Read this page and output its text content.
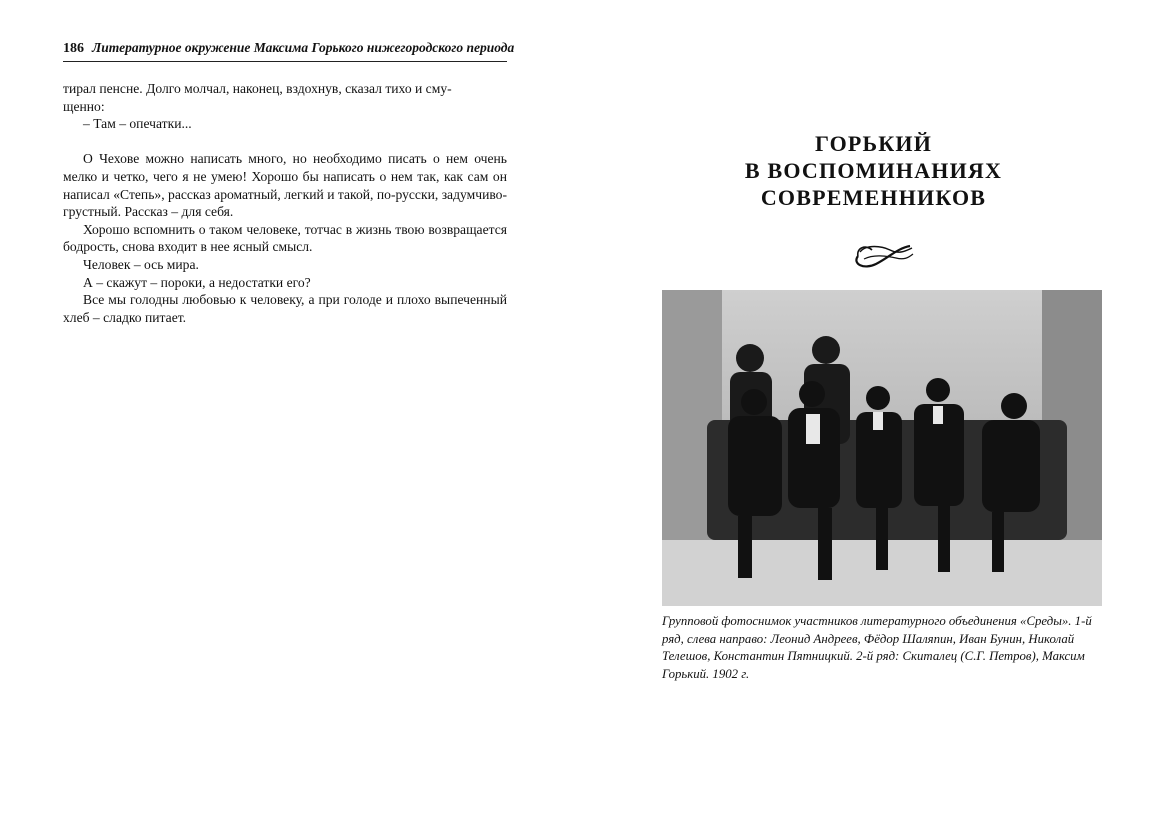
186 Литературное окружение Максима Горького нижегородского периода

тирал пенсне. Долго молчал, наконец, вздохнув, сказал тихо и сму-

щенно:

– Там – опечатки...

О Чехове можно написать много, но необходимо писать о нем очень мелко и четко, чего я не умею! Хорошо бы написать о нем так, как сам он написал «Степь», рассказ ароматный, легкий и такой, по-русски, задумчиво-грустный. Рассказ – для себя.

Хорошо вспомнить о таком человеке, тотчас в жизнь твою возвращается бодрость, снова входит в нее ясный смысл.

Человек – ось мира.

А – скажут – пороки, а недостатки его?

Все мы голодны любовью к человеку, а при голоде и плохо выпеченный хлеб – сладко питает.

ГОРЬКИЙ
В ВОСПОМИНАНИЯХ
СОВРЕМЕННИКОВ
Групповой фотоснимок участников литературного объединения «Среды». 1-й ряд, слева направо: Леонид Андреев, Фёдор Шаляпин, Иван Бунин, Николай Телешов, Константин Пятницкий. 2-й ряд: Скиталец (С.Г. Петров), Максим Горький. 1902 г.
